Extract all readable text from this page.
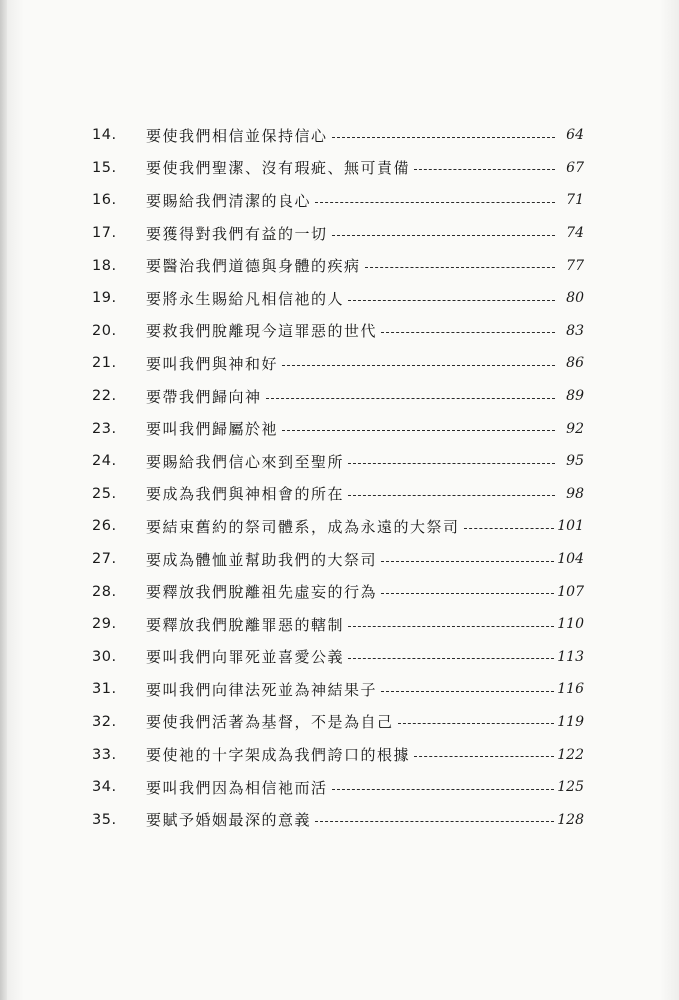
14.	要使我們相信並保持信心	64
15.	要使我們聖潔、沒有瑕疵、無可責備	67
16.	要賜給我們清潔的良心	71
17.	要獲得對我們有益的一切	74
18.	要醫治我們道德與身體的疾病	77
19.	要將永生賜給凡相信祂的人	80
20.	要救我們脫離現今這罪惡的世代	83
21.	要叫我們與神和好	86
22.	要帶我們歸向神	89
23.	要叫我們歸屬於祂	92
24.	要賜給我們信心來到至聖所	95
25.	要成為我們與神相會的所在	98
26.	要結束舊約的祭司體系，成為永遠的大祭司	101
27.	要成為體恤並幫助我們的大祭司	104
28.	要釋放我們脫離祖先虛妄的行為	107
29.	要釋放我們脫離罪惡的轄制	110
30.	要叫我們向罪死並喜愛公義	113
31.	要叫我們向律法死並為神結果子	116
32.	要使我們活著為基督，不是為自己	119
33.	要使祂的十字架成為我們誇口的根據	122
34.	要叫我們因為相信祂而活	125
35.	要賦予婚姻最深的意義	128
